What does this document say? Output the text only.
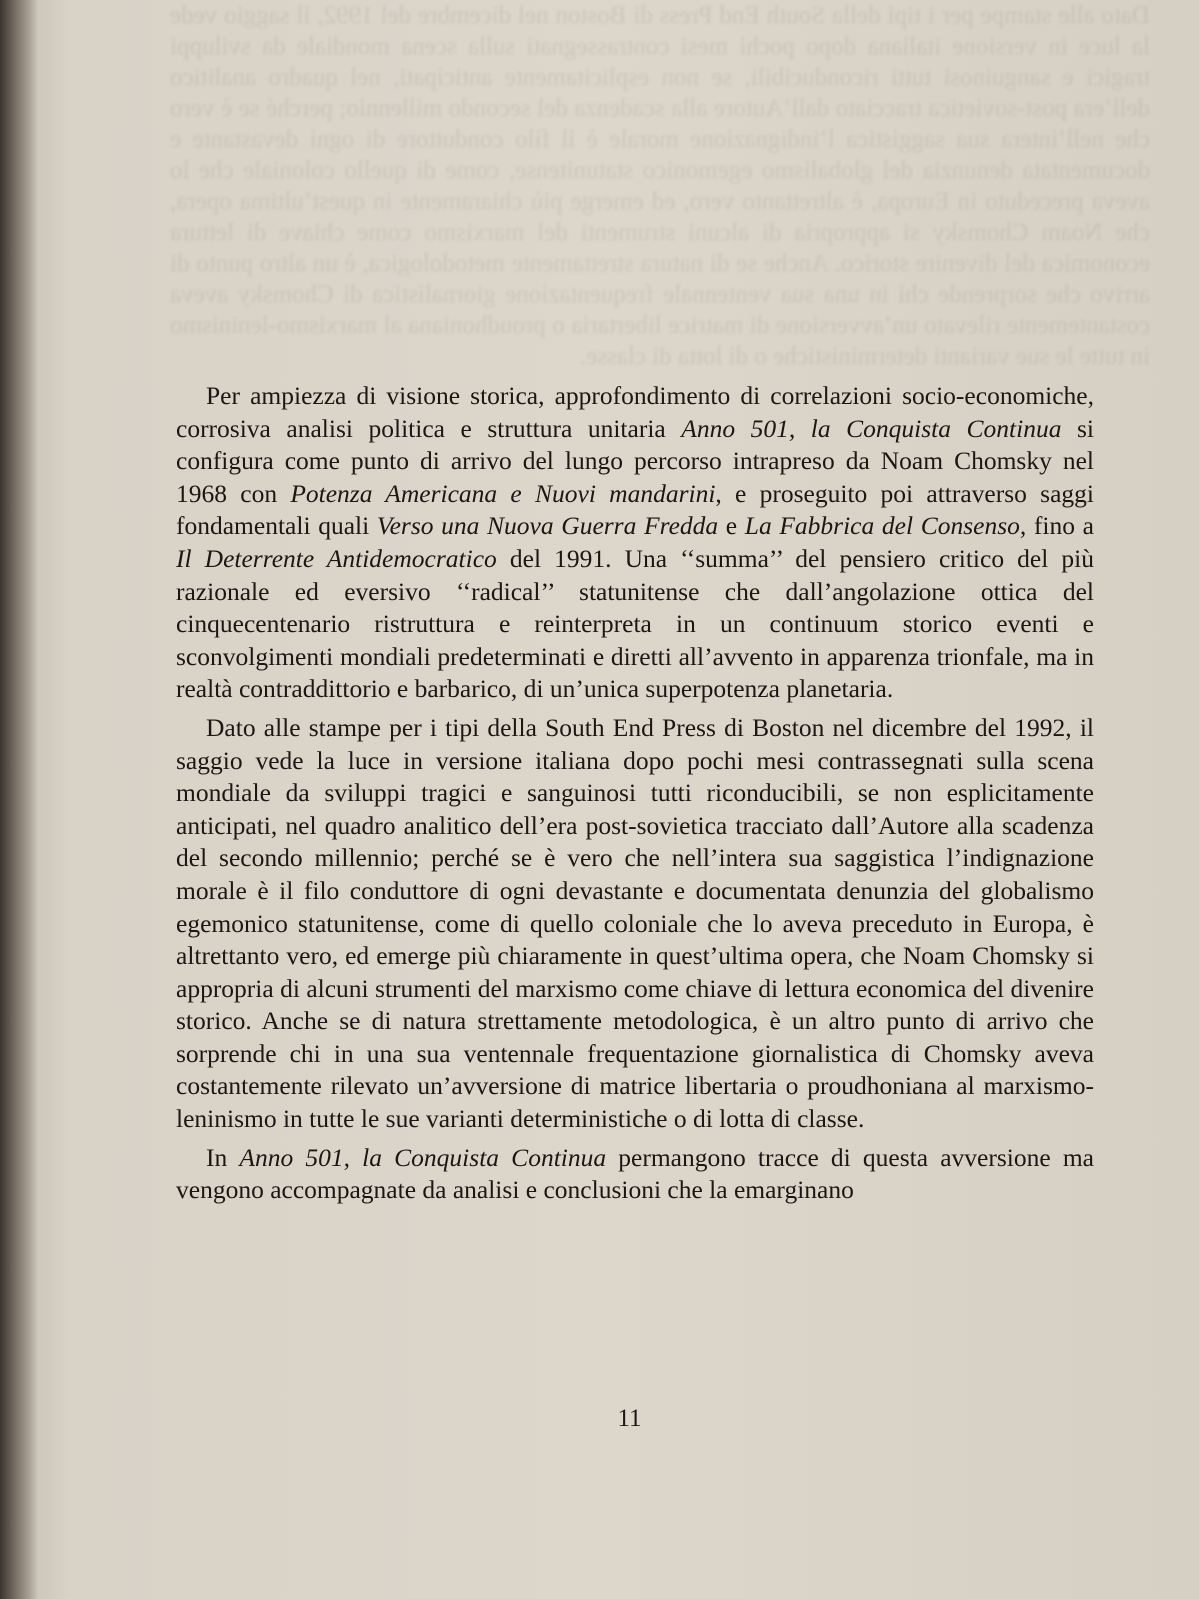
Dato alle stampe per i tipi della South End Press di Boston nel dicembre del 1992, il saggio vede la luce in versione italiana dopo pochi mesi contrassegnati sulla scena mondiale da sviluppi tragici e sanguinosi tutti riconducibili, se non esplicitamente anticipati, nel quadro analitico dell’era post-sovietica tracciato dall’Autore alla scadenza del secondo millennio; perché se è vero che nell’intera sua saggistica l’indignazione morale è il filo conduttore di ogni devastante e documentata denunzia del globalismo egemonico statunitense, come di quello coloniale che lo aveva preceduto in Europa, è altrettanto vero, ed emerge più chiaramente in quest’ultima opera, che Noam Chomsky si appropria di alcuni strumenti del marxismo come chiave di lettura economica del divenire storico. Anche se di natura strettamente metodologica, è un altro punto di arrivo che sorprende chi in una sua ventennale frequentazione giornalistica di Chomsky aveva costantemente rilevato un’avversione di matrice libertaria o proudhoniana al marxismo-leninismo in tutte le sue varianti deterministiche o di lotta di classe.

Per ampiezza di visione storica, approfondimento di correlazioni socio-economiche, corrosiva analisi politica e struttura unitaria Anno 501, la Conquista Continua si configura come punto di arrivo del lungo percorso intrapreso da Noam Chomsky nel 1968 con Potenza Americana e Nuovi mandarini, e proseguito poi attraverso saggi fondamentali quali Verso una Nuova Guerra Fredda e La Fabbrica del Consenso, fino a Il Deterrente Antidemocratico del 1991. Una ‘‘summa’’ del pensiero critico del più razionale ed eversivo ‘‘radical’’ statunitense che dall’angolazione ottica del cinquecentenario ristruttura e reinterpreta in un continuum storico eventi e sconvolgimenti mondiali predeterminati e diretti all’avvento in apparenza trionfale, ma in realtà contraddittorio e barbarico, di un’unica superpotenza planetaria.

Dato alle stampe per i tipi della South End Press di Boston nel dicembre del 1992, il saggio vede la luce in versione italiana dopo pochi mesi contrassegnati sulla scena mondiale da sviluppi tragici e sanguinosi tutti riconducibili, se non esplicitamente anticipati, nel quadro analitico dell’era post-sovietica tracciato dall’Autore alla scadenza del secondo millennio; perché se è vero che nell’intera sua saggistica l’indignazione morale è il filo conduttore di ogni devastante e documentata denunzia del globalismo egemonico statunitense, come di quello coloniale che lo aveva preceduto in Europa, è altrettanto vero, ed emerge più chiaramente in quest’ultima opera, che Noam Chomsky si appropria di alcuni strumenti del marxismo come chiave di lettura economica del divenire storico. Anche se di natura strettamente metodologica, è un altro punto di arrivo che sorprende chi in una sua ventennale frequentazione giornalistica di Chomsky aveva costantemente rilevato un’avversione di matrice libertaria o proudhoniana al marxismo-leninismo in tutte le sue varianti deterministiche o di lotta di classe.

In Anno 501, la Conquista Continua permangono tracce di questa avversione ma vengono accompagnate da analisi e conclusioni che la emarginano

11
